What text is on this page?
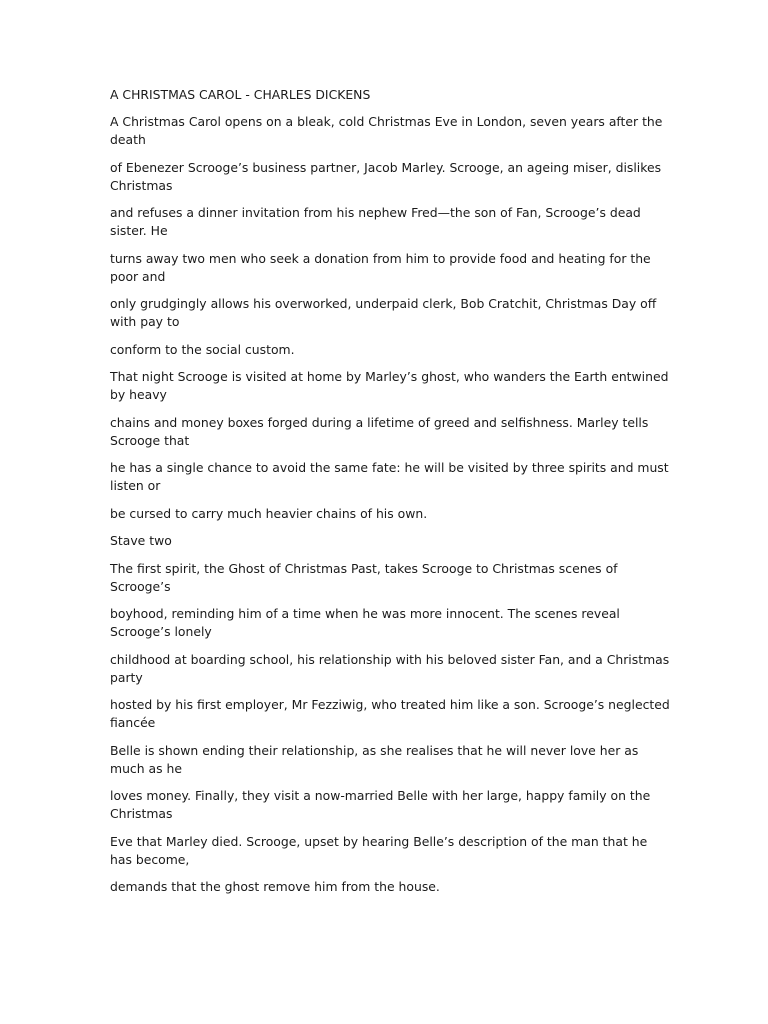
A CHRISTMAS CAROL - CHARLES DICKENS
A Christmas Carol opens on a bleak, cold Christmas Eve in London, seven years after the death
of Ebenezer Scrooge’s business partner, Jacob Marley. Scrooge, an ageing miser, dislikes Christmas
and refuses a dinner invitation from his nephew Fred—the son of Fan, Scrooge’s dead sister. He
turns away two men who seek a donation from him to provide food and heating for the poor and
only grudgingly allows his overworked, underpaid clerk, Bob Cratchit, Christmas Day off with pay to
conform to the social custom.
That night Scrooge is visited at home by Marley’s ghost, who wanders the Earth entwined by heavy
chains and money boxes forged during a lifetime of greed and selfishness. Marley tells Scrooge that
he has a single chance to avoid the same fate: he will be visited by three spirits and must listen or
be cursed to carry much heavier chains of his own.
Stave two
The first spirit, the Ghost of Christmas Past, takes Scrooge to Christmas scenes of Scrooge’s
boyhood, reminding him of a time when he was more innocent. The scenes reveal Scrooge’s lonely
childhood at boarding school, his relationship with his beloved sister Fan, and a Christmas party
hosted by his first employer, Mr Fezziwig, who treated him like a son. Scrooge’s neglected fiancée
Belle is shown ending their relationship, as she realises that he will never love her as much as he
loves money. Finally, they visit a now-married Belle with her large, happy family on the Christmas
Eve that Marley died. Scrooge, upset by hearing Belle’s description of the man that he has become,
demands that the ghost remove him from the house.
